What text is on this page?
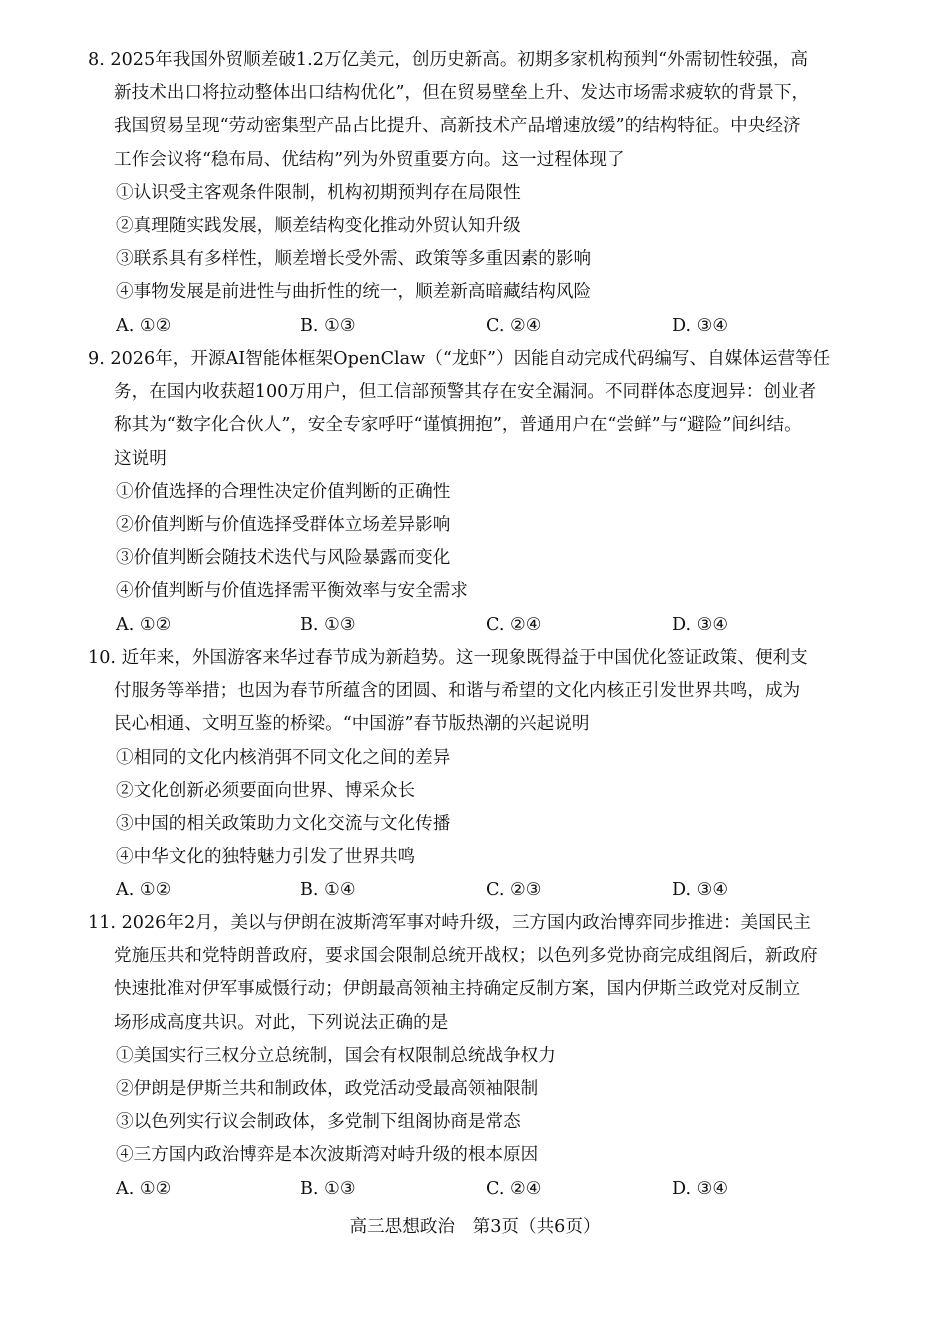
8. 2025年我国外贸顺差破1.2万亿美元，创历史新高。初期多家机构预判“外需韧性较强，高
新技术出口将拉动整体出口结构优化”，但在贸易壁垒上升、发达市场需求疲软的背景下，
我国贸易呈现“劳动密集型产品占比提升、高新技术产品增速放缓”的结构特征。中央经济
工作会议将“稳布局、优结构”列为外贸重要方向。这一过程体现了
①认识受主客观条件限制，机构初期预判存在局限性
②真理随实践发展，顺差结构变化推动外贸认知升级
③联系具有多样性，顺差增长受外需、政策等多重因素的影响
④事物发展是前进性与曲折性的统一，顺差新高暗藏结构风险
A. ①②	B. ①③	C. ②④	D. ③④
9. 2026年，开源AI智能体框架OpenClaw（“龙虾”）因能自动完成代码编写、自媒体运营等任
务，在国内收获超100万用户，但工信部预警其存在安全漏洞。不同群体态度迥异：创业者
称其为“数字化合伙人”，安全专家呼吁“谨慎拥抱”，普通用户在“尝鲜”与“避险”间纠结。
这说明
①价值选择的合理性决定价值判断的正确性
②价值判断与价值选择受群体立场差异影响
③价值判断会随技术迭代与风险暴露而变化
④价值判断与价值选择需平衡效率与安全需求
A. ①②	B. ①③	C. ②④	D. ③④
10. 近年来，外国游客来华过春节成为新趋势。这一现象既得益于中国优化签证政策、便利支
付服务等举措；也因为春节所蕴含的团圆、和谐与希望的文化内核正引发世界共鸣，成为
民心相通、文明互鉴的桥梁。“中国游”春节版热潮的兴起说明
①相同的文化内核消弭不同文化之间的差异
②文化创新必须要面向世界、博采众长
③中国的相关政策助力文化交流与文化传播
④中华文化的独特魅力引发了世界共鸣
A. ①②	B. ①④	C. ②③	D. ③④
11. 2026年2月，美以与伊朗在波斯湾军事对峙升级，三方国内政治博弈同步推进：美国民主
党施压共和党特朗普政府，要求国会限制总统开战权；以色列多党协商完成组阁后，新政府
快速批准对伊军事威慑行动；伊朗最高领袖主持确定反制方案，国内伊斯兰政党对反制立
场形成高度共识。对此，下列说法正确的是
①美国实行三权分立总统制，国会有权限制总统战争权力
②伊朗是伊斯兰共和制政体，政党活动受最高领袖限制
③以色列实行议会制政体，多党制下组阁协商是常态
④三方国内政治博弈是本次波斯湾对峙升级的根本原因
A. ①②	B. ①③	C. ②④	D. ③④
高三思想政治　第3页（共6页）
